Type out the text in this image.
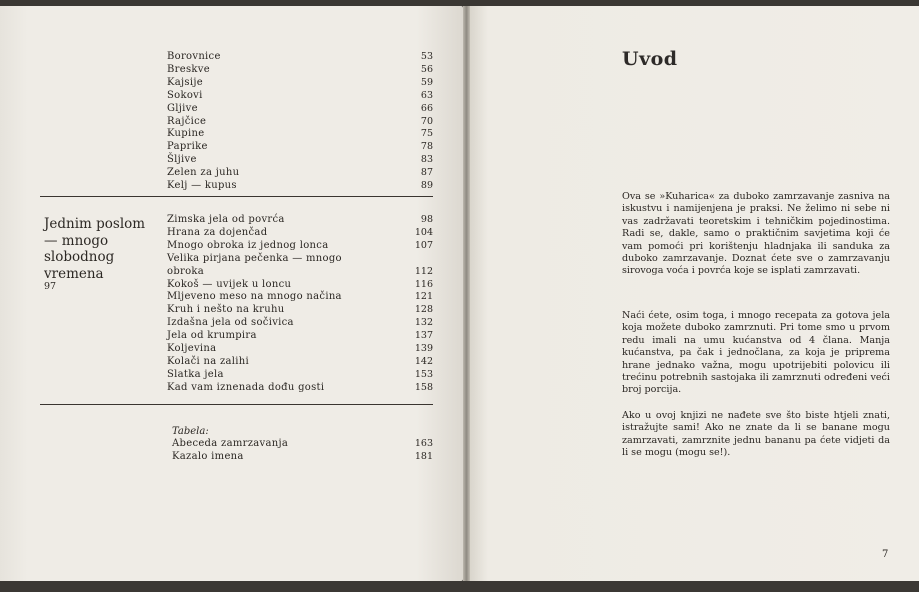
Borovnice	53
Breskve	56
Kajsije	59
Sokovi	63
Gljive	66
Rajčice	70
Kupine	75
Paprike	78
Šljive	83
Zelen za juhu	87
Kelj — kupus	89
Jednim poslom — mnogo slobodnog vremena
97
Zimska jela od povrća	98
Hrana za dojenčad	104
Mnogo obroka iz jednog lonca	107
Velika pirjana pečenka — mnogo
obroka	112
Kokoš — uvijek u loncu	116
Mljeveno meso na mnogo načina	121
Kruh i nešto na kruhu	128
Izdašna jela od sočivica	132
Jela od krumpira	137
Koljevina	139
Kolači na zalihi	142
Slatka jela	153
Kad vam iznenada dođu gosti	158
Tabela:
Abeceda zamrzavanja	163
Kazalo imena	181
Uvod
Ova se »Kuharica« za duboko zamrzavanje zasniva na iskustvu i namijenjena je praksi. Ne želimo ni sebe ni vas zadržavati teoretskim i tehničkim pojedinostima. Radi se, dakle, samo o praktičnim savjetima koji će vam pomoći pri korištenju hladnjaka ili sanduka za duboko zamrzavanje. Doznat ćete sve o zamrzavanju sirovoga voća i povrća koje se isplati zamrzavati.
Naći ćete, osim toga, i mnogo recepata za gotova jela koja možete duboko zamrznuti. Pri tome smo u prvom redu imali na umu kućanstva od 4 člana. Manja kućanstva, pa čak i jednočlana, za koja je priprema hrane jednako važna, mogu upotrijebiti polovicu ili trećinu potrebnih sastojaka ili zamrznuti određeni veći broj porcija.
Ako u ovoj knjizi ne nađete sve što biste htjeli znati, istražujte sami! Ako ne znate da li se banane mogu zamrzavati, zamrznite jednu bananu pa ćete vidjeti da li se mogu (mogu se!).
7
